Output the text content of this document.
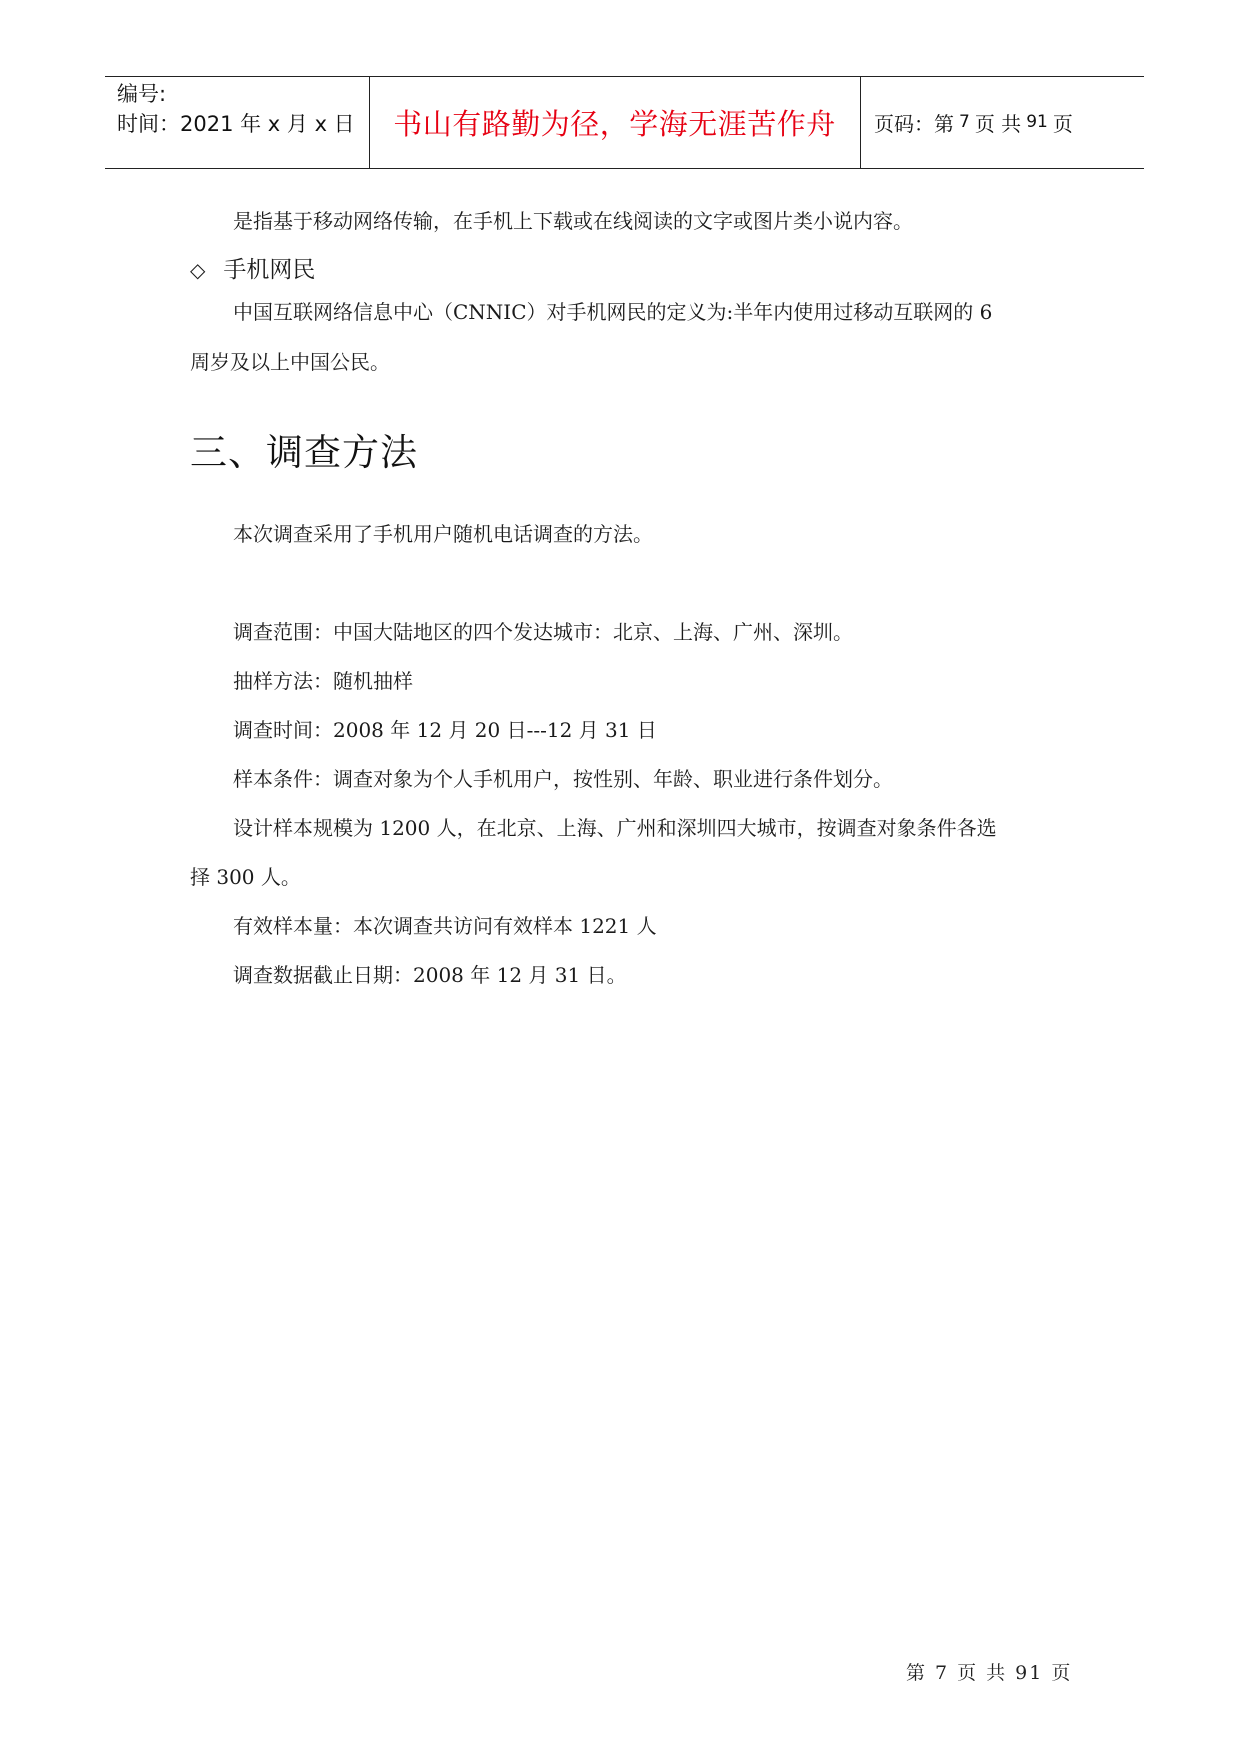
编号:
时间：2021 年 x 月 x 日	书山有路勤为径，学海无涯苦作舟	页码：第 7 页 共 91 页
是指基于移动网络传输，在手机上下载或在线阅读的文字或图片类小说内容。
◇ 手机网民
中国互联网络信息中心（CNNIC）对手机网民的定义为:半年内使用过移动互联网的 6
周岁及以上中国公民。
三、调查方法
本次调查采用了手机用户随机电话调查的方法。
调查范围：中国大陆地区的四个发达城市：北京、上海、广州、深圳。
抽样方法：随机抽样
调查时间：2008 年 12 月 20 日---12 月 31 日
样本条件：调查对象为个人手机用户，按性别、年龄、职业进行条件划分。
设计样本规模为 1200 人，在北京、上海、广州和深圳四大城市，按调查对象条件各选
择 300 人。
有效样本量：本次调查共访问有效样本 1221 人
调查数据截止日期：2008 年 12 月 31 日。
第 7 页 共 91 页
